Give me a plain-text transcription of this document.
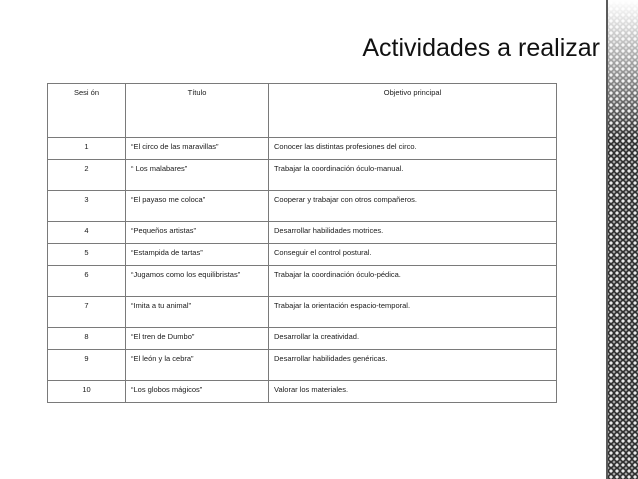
Actividades a realizar
Sesi ón	Título	Objetivo principal
1	“El circo de las maravillas”	Conocer las distintas profesiones del circo.
2	“ Los malabares”	Trabajar la coordinación óculo-manual.
3	“El payaso me coloca”	Cooperar y trabajar con otros compañeros.
4	“Pequeños artistas”	Desarrollar habilidades motrices.
5	“Estampida de tartas”	Conseguir el control postural.
6	“Jugamos como los equilibristas”	Trabajar la coordinación óculo-pédica.
7	“Imita a tu animal”	Trabajar la orientación espacio-temporal.
8	“El tren de Dumbo”	Desarrollar la creatividad.
9	“El león y la cebra”	Desarrollar habilidades genéricas.
10	“Los globos mágicos”	Valorar los materiales.
